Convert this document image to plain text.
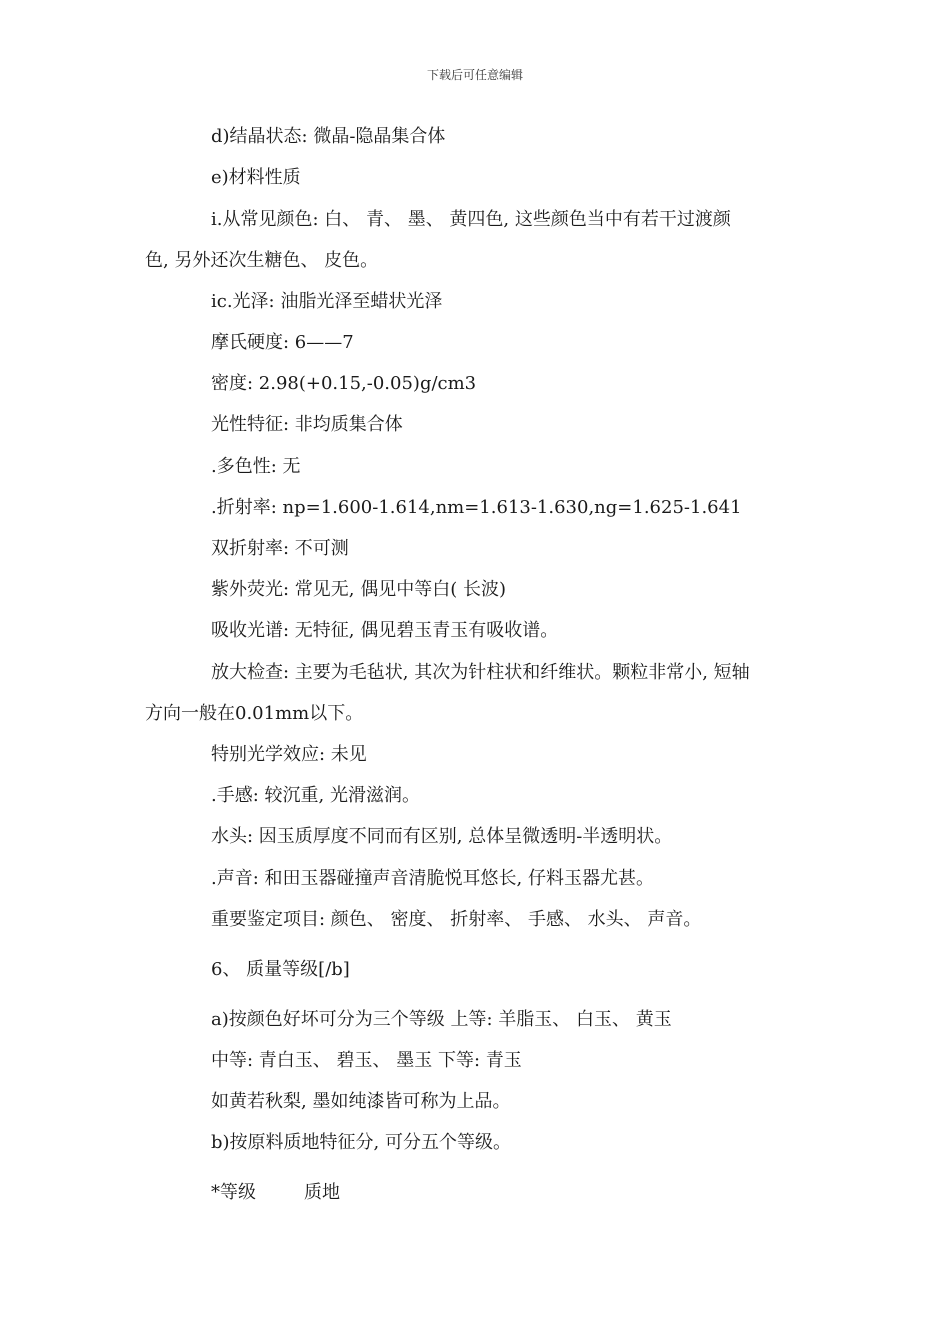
下载后可任意编辑
d)结晶状态: 微晶-隐晶集合体
e)材料性质
i.从常见颜色: 白、 青、 墨、 黄四色, 这些颜色当中有若干过渡颜
色, 另外还次生糖色、 皮色。
ic.光泽: 油脂光泽至蜡状光泽
摩氏硬度: 6——7
密度: 2.98(+0.15,-0.05)g/cm3
光性特征: 非均质集合体
.多色性: 无
.折射率: np=1.600-1.614,nm=1.613-1.630,ng=1.625-1.641
双折射率: 不可测
紫外荧光: 常见无, 偶见中等白( 长波)
吸收光谱: 无特征, 偶见碧玉青玉有吸收谱。
放大检查: 主要为毛毡状, 其次为针柱状和纤维状。颗粒非常小, 短轴
方向一般在0.01mm以下。
特别光学效应: 未见
.手感: 较沉重, 光滑滋润。
水头: 因玉质厚度不同而有区别, 总体呈微透明-半透明状。
.声音: 和田玉器碰撞声音清脆悦耳悠长, 仔料玉器尤甚。
重要鉴定项目: 颜色、 密度、 折射率、 手感、 水头、 声音。
6、 质量等级[/b]
a)按颜色好坏可分为三个等级 上等: 羊脂玉、 白玉、 黄玉
中等: 青白玉、 碧玉、 墨玉 下等: 青玉
如黄若秋梨, 墨如纯漆皆可称为上品。
b)按原料质地特征分, 可分五个等级。
*等级	质地
